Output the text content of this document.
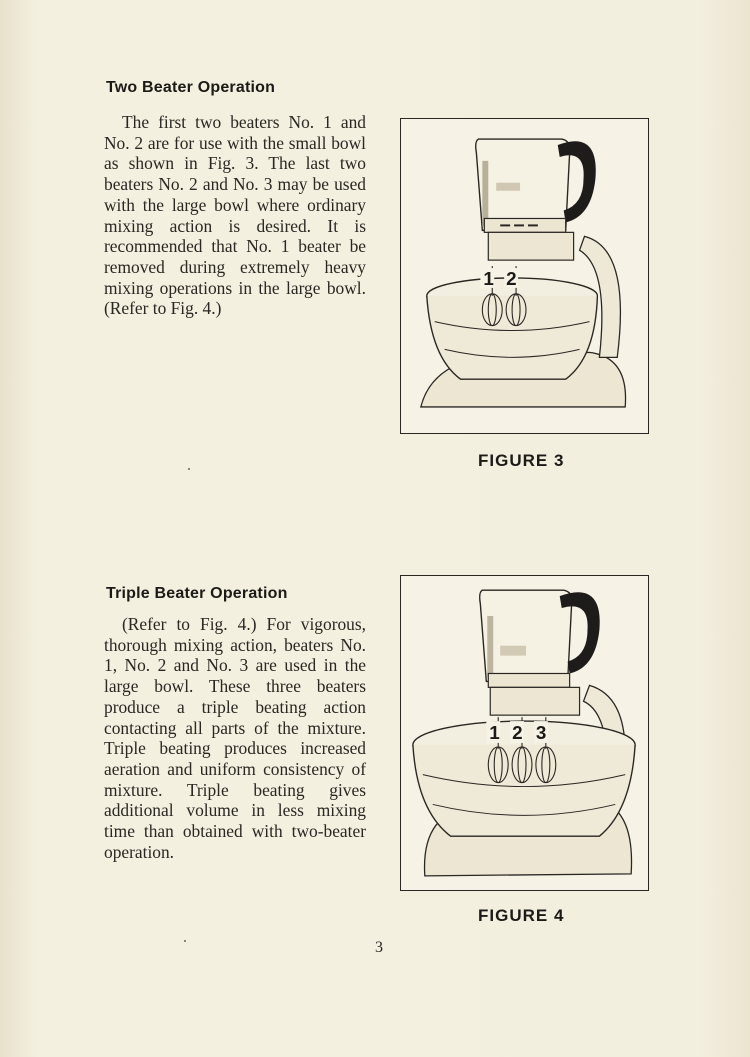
Two Beater Operation

The first two beaters No. 1 and No. 2 are for use with the small bowl as shown in Fig. 3. The last two beaters No. 2 and No. 3 may be used with the large bowl where ordinary mixing action is desired. It is recommended that No. 1 beater be removed during extremely heavy mixing operations in the large bowl. (Refer to Fig. 4.)

1 2
FIGURE 3
Triple Beater Operation

(Refer to Fig. 4.) For vigorous, thorough mixing action, beaters No. 1, No. 2 and No. 3 are used in the large bowl. These three beaters produce a triple beating action contacting all parts of the mixture. Triple beating produces increased aeration and uniform consistency of mixture. Triple beating gives additional volume in less mixing time than obtained with two-beater operation.

1 2 3
FIGURE 4
3
